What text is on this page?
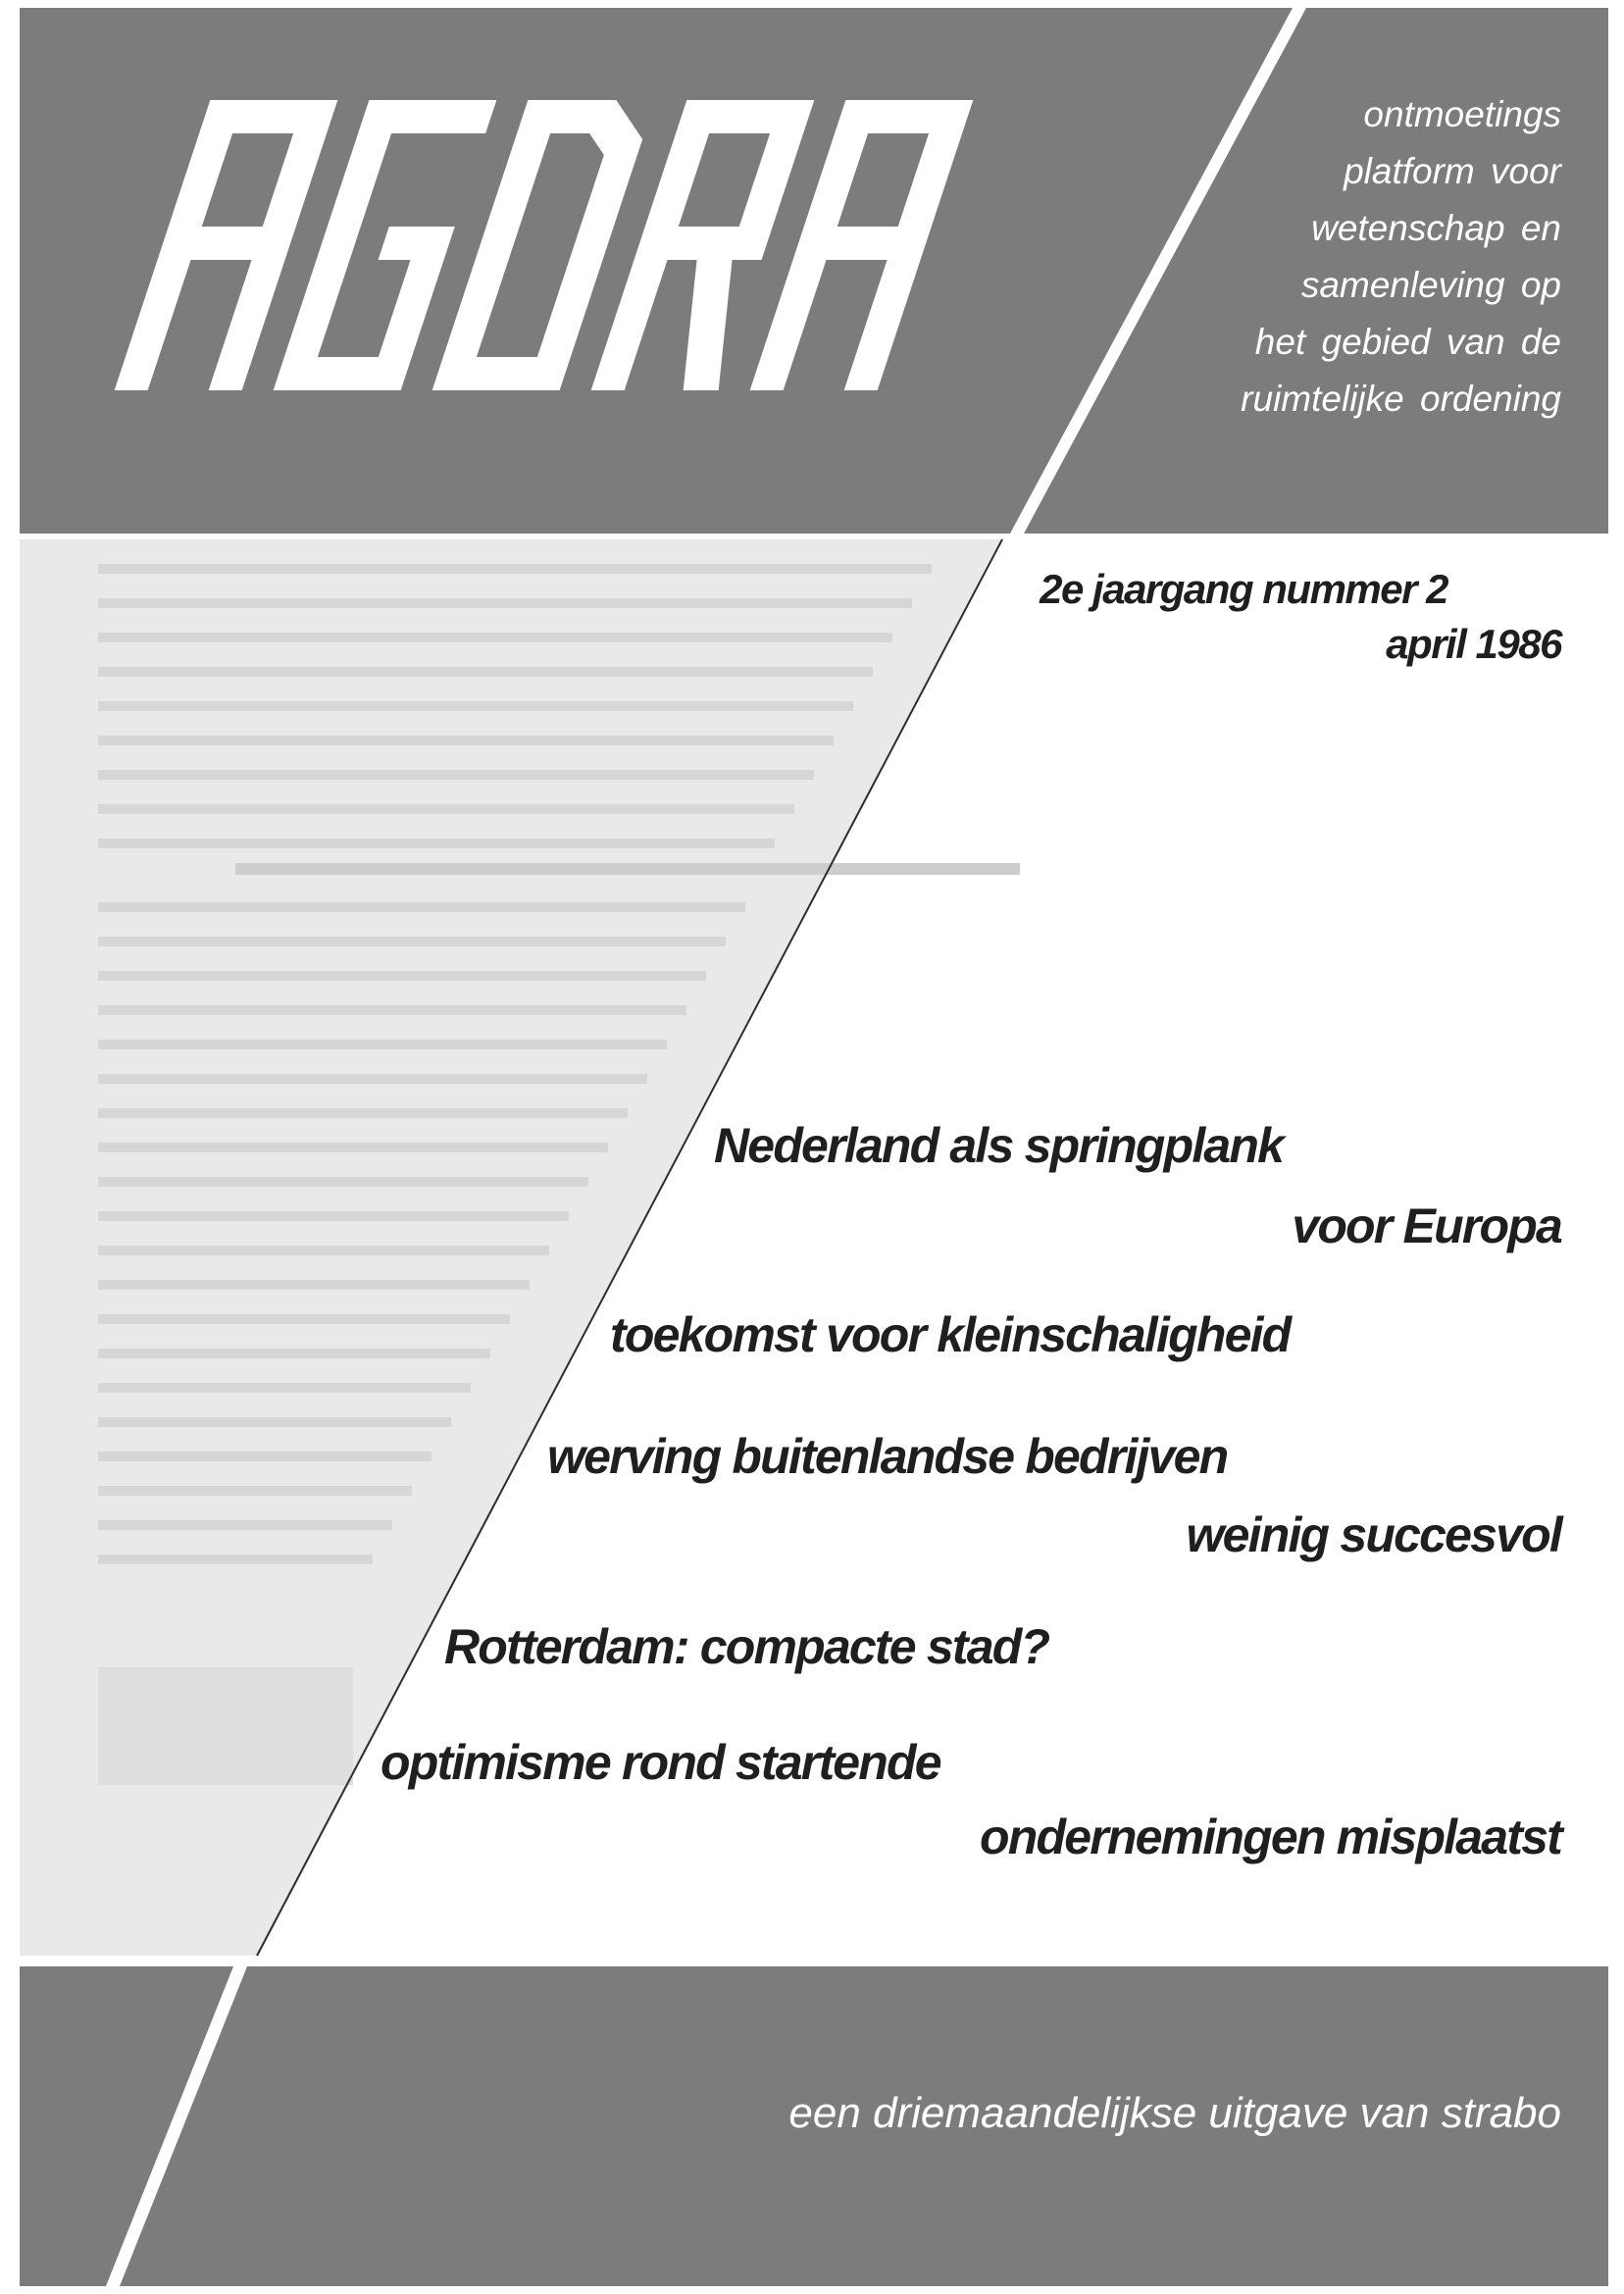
ontmoetings
platform voor
wetenschap en
samenleving op
het gebied van de
ruimtelijke ordening
2e jaargang nummer 2
april 1986
Nederland als springplank
voor Europa
toekomst voor kleinschaligheid
werving buitenlandse bedrijven
weinig succesvol
Rotterdam: compacte stad?
optimisme rond startende
ondernemingen misplaatst
een driemaandelijkse uitgave van strabo
